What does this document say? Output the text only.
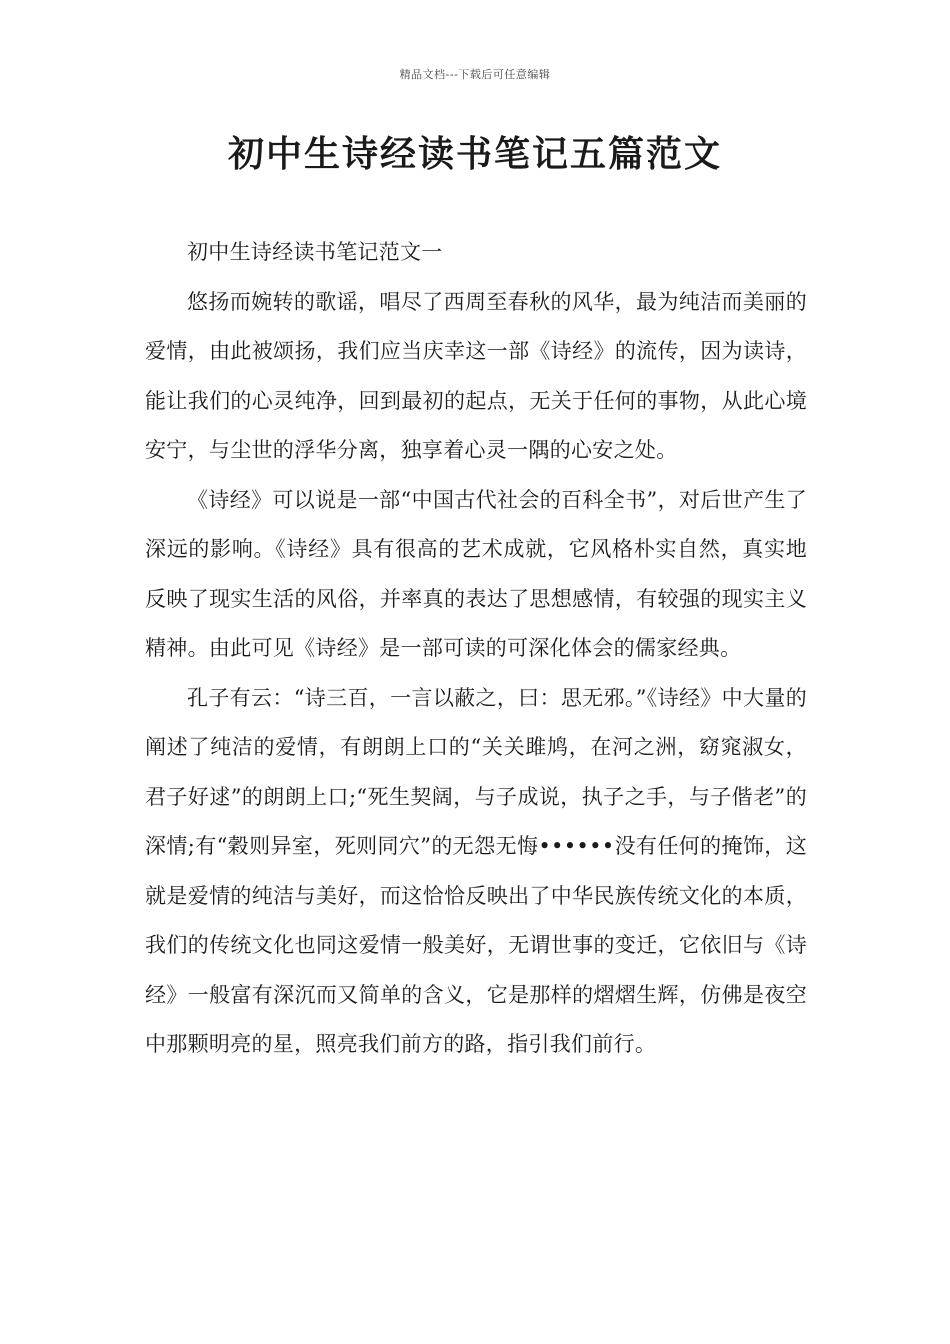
精品文档---下载后可任意编辑
初中生诗经读书笔记五篇范文

初中生诗经读书笔记范文一

悠扬而婉转的歌谣，唱尽了西周至春秋的风华，最为纯洁而美丽的爱情，由此被颂扬，我们应当庆幸这一部《诗经》的流传，因为读诗，能让我们的心灵纯净，回到最初的起点，无关于任何的事物，从此心境安宁，与尘世的浮华分离，独享着心灵一隅的心安之处。

《诗经》可以说是一部“中国古代社会的百科全书”，对后世产生了深远的影响。《诗经》具有很高的艺术成就，它风格朴实自然，真实地反映了现实生活的风俗，并率真的表达了思想感情，有较强的现实主义精神。由此可见《诗经》是一部可读的可深化体会的儒家经典。

孔子有云：“诗三百，一言以蔽之，曰：思无邪。”《诗经》中大量的阐述了纯洁的爱情，有朗朗上口的“关关雎鸠，在河之洲，窈窕淑女，君子好逑”的朗朗上口;“死生契阔，与子成说，执子之手，与子偕老”的深情;有“穀则异室，死则同穴”的无怨无悔••••••没有任何的掩饰，这就是爱情的纯洁与美好，而这恰恰反映出了中华民族传统文化的本质，我们的传统文化也同这爱情一般美好，无谓世事的变迁，它依旧与《诗经》一般富有深沉而又简单的含义，它是那样的熠熠生辉，仿佛是夜空中那颗明亮的星，照亮我们前方的路，指引我们前行。
